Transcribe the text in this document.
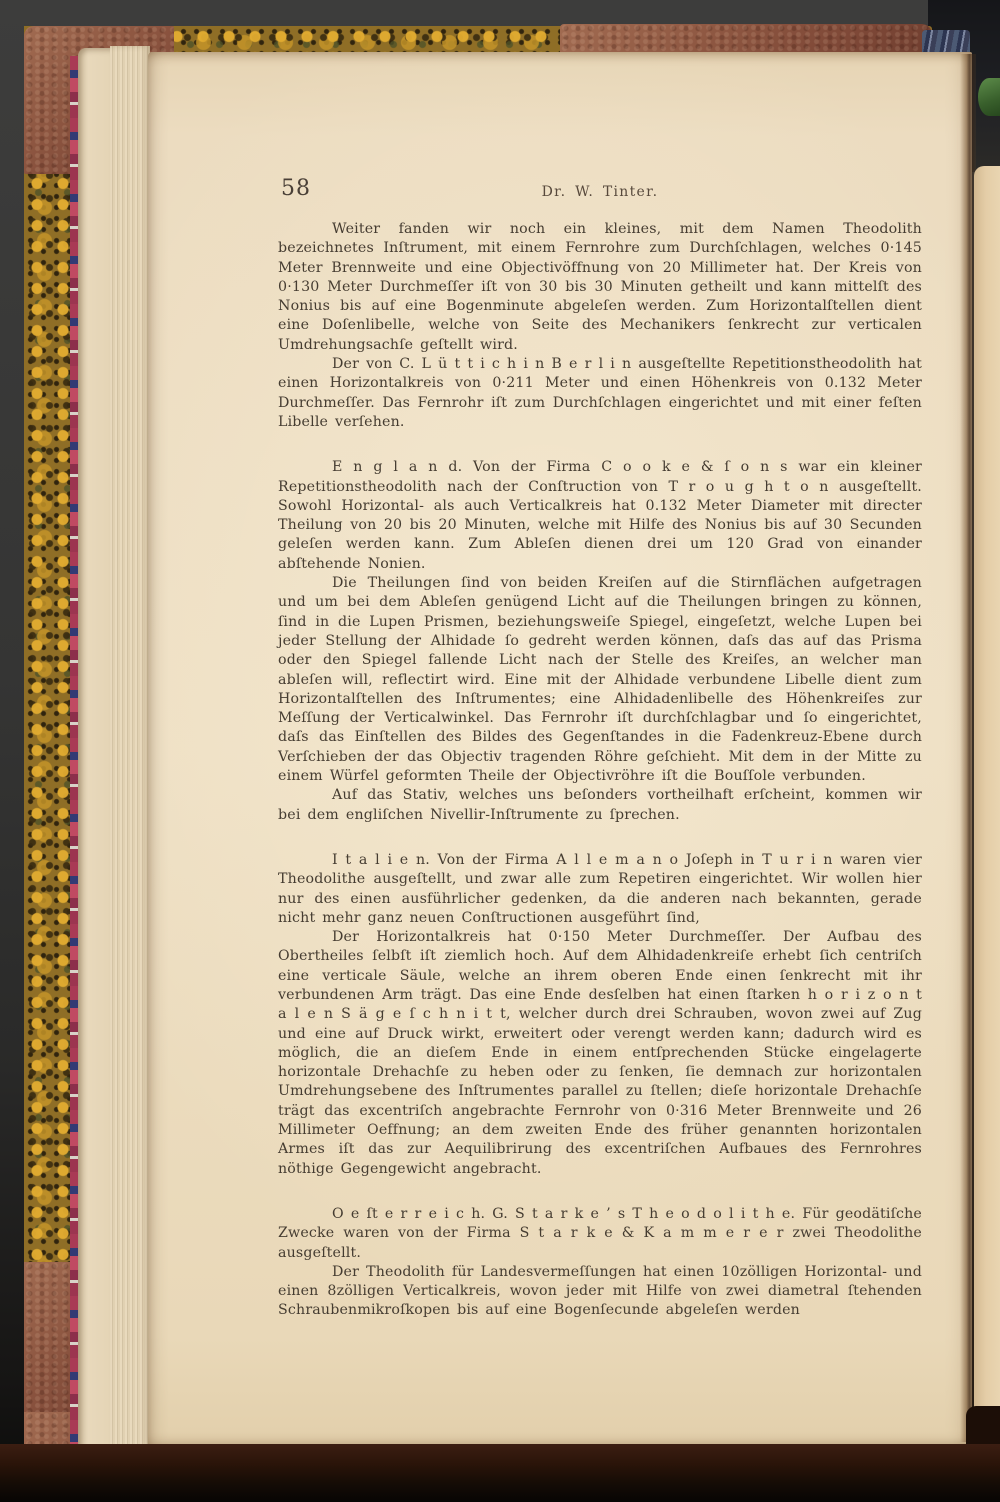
58	Dr. W. Tinter.

Weiter fanden wir noch ein kleines, mit dem Namen Theodolith bezeichnetes Inſtrument, mit einem Fernrohre zum Durchſchlagen, welches 0·145 Meter Brennweite und eine Objectivöffnung von 20 Millimeter hat. Der Kreis von 0·130 Meter Durchmeſſer iſt von 30 bis 30 Minuten getheilt und kann mittelſt des Nonius bis auf eine Bogenminute abgeleſen werden. Zum Horizontalſtellen dient eine Doſenlibelle, welche von Seite des Mechanikers ſenkrecht zur verticalen Umdrehungsachſe geſtellt wird.

Der von C. L ü t t i c h i n B e r l i n ausgeſtellte Repetitionstheodolith hat einen Horizontalkreis von 0·211 Meter und einen Höhenkreis von 0.132 Meter Durchmeſſer. Das Fernrohr iſt zum Durchſchlagen eingerichtet und mit einer feſten Libelle verſehen.

E n g l a n d. Von der Firma C o o k e & ſ o n s war ein kleiner Repetitionstheodolith nach der Conſtruction von T r o u g h t o n ausgeſtellt. Sowohl Horizontal- als auch Verticalkreis hat 0.132 Meter Diameter mit directer Theilung von 20 bis 20 Minuten, welche mit Hilfe des Nonius bis auf 30 Secunden geleſen werden kann. Zum Ableſen dienen drei um 120 Grad von einander abſtehende Nonien.

Die Theilungen ſind von beiden Kreiſen auf die Stirnflächen aufgetragen und um bei dem Ableſen genügend Licht auf die Theilungen bringen zu können, ſind in die Lupen Prismen, beziehungsweiſe Spiegel, eingeſetzt, welche Lupen bei jeder Stellung der Alhidade ſo gedreht werden können, daſs das auf das Prisma oder den Spiegel fallende Licht nach der Stelle des Kreiſes, an welcher man ableſen will, reflectirt wird. Eine mit der Alhidade verbundene Libelle dient zum Horizontalſtellen des Inſtrumentes; eine Alhidadenlibelle des Höhenkreiſes zur Meſſung der Verticalwinkel. Das Fernrohr iſt durchſchlagbar und ſo eingerichtet, daſs das Einſtellen des Bildes des Gegenſtandes in die Fadenkreuz-Ebene durch Verſchieben der das Objectiv tragenden Röhre geſchieht. Mit dem in der Mitte zu einem Würfel geformten Theile der Objectivröhre iſt die Bouſſole verbunden.

Auf das Stativ, welches uns beſonders vortheilhaft erſcheint, kommen wir bei dem engliſchen Nivellir-Inſtrumente zu ſprechen.

I t a l i e n. Von der Firma A l l e m a n o Joſeph in T u r i n waren vier Theodolithe ausgeſtellt, und zwar alle zum Repetiren eingerichtet. Wir wollen hier nur des einen ausführlicher gedenken, da die anderen nach bekannten, gerade nicht mehr ganz neuen Conſtructionen ausgeführt ſind,

Der Horizontalkreis hat 0·150 Meter Durchmeſſer. Der Aufbau des Obertheiles ſelbſt iſt ziemlich hoch. Auf dem Alhidadenkreiſe erhebt ſich centriſch eine verticale Säule, welche an ihrem oberen Ende einen ſenkrecht mit ihr verbundenen Arm trägt. Das eine Ende desſelben hat einen ſtarken h o r i z o n t a l e n S ä g e ſ c h n i t t, welcher durch drei Schrauben, wovon zwei auf Zug und eine auf Druck wirkt, erweitert oder verengt werden kann; dadurch wird es möglich, die an dieſem Ende in einem entſprechenden Stücke eingelagerte horizontale Drehachſe zu heben oder zu ſenken, ſie demnach zur horizontalen Umdrehungsebene des Inſtrumentes parallel zu ſtellen; dieſe horizontale Drehachſe trägt das excentriſch angebrachte Fernrohr von 0·316 Meter Brennweite und 26 Millimeter Oeffnung; an dem zweiten Ende des früher genannten horizontalen Armes iſt das zur Aequilibrirung des excentriſchen Aufbaues des Fernrohres nöthige Gegengewicht angebracht.

O e ſt e r r e i c h. G. S t a r k e ’ s T h e o d o l i t h e. Für geodätiſche Zwecke waren von der Firma S t a r k e & K a m m e r e r zwei Theodolithe ausgeſtellt.

Der Theodolith für Landesvermeſſungen hat einen 10zölligen Horizontal- und einen 8zölligen Verticalkreis, wovon jeder mit Hilfe von zwei diametral ſtehenden Schraubenmikroſkopen bis auf eine Bogenſecunde abgeleſen werden
